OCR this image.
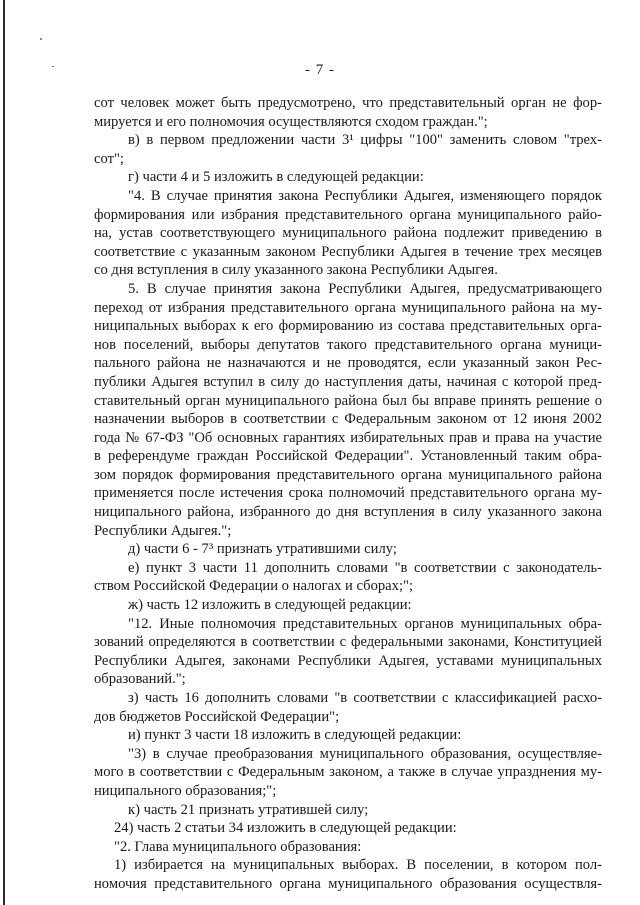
- 7 -
сот человек может быть предусмотрено, что представительный орган не фор-
мируется и его полномочия осуществляются сходом граждан.";
в) в первом предложении части 3¹ цифры "100" заменить словом "трех-
сот";
г) части 4 и 5 изложить в следующей редакции:
"4. В случае принятия закона Республики Адыгея, изменяющего порядок
формирования или избрания представительного органа муниципального райо-
на, устав соответствующего муниципального района подлежит приведению в
соответствие с указанным законом Республики Адыгея в течение трех месяцев
со дня вступления в силу указанного закона Республики Адыгея.
5. В случае принятия закона Республики Адыгея, предусматривающего
переход от избрания представительного органа муниципального района на му-
ниципальных выборах к его формированию из состава представительных орга-
нов поселений, выборы депутатов такого представительного органа муници-
пального района не назначаются и не проводятся, если указанный закон Рес-
публики Адыгея вступил в силу до наступления даты, начиная с которой пред-
ставительный орган муниципального района был бы вправе принять решение о
назначении выборов в соответствии с Федеральным законом от 12 июня 2002
года № 67-ФЗ "Об основных гарантиях избирательных прав и права на участие
в референдуме граждан Российской Федерации". Установленный таким обра-
зом порядок формирования представительного органа муниципального района
применяется после истечения срока полномочий представительного органа му-
ниципального района, избранного до дня вступления в силу указанного закона
Республики Адыгея.";
д) части 6 - 7³ признать утратившими силу;
е) пункт 3 части 11 дополнить словами "в соответствии с законодатель-
ством Российской Федерации о налогах и сборах;";
ж) часть 12 изложить в следующей редакции:
"12. Иные полномочия представительных органов муниципальных обра-
зований определяются в соответствии с федеральными законами, Конституцией
Республики Адыгея, законами Республики Адыгея, уставами муниципальных
образований.";
з) часть 16 дополнить словами "в соответствии с классификацией расхо-
дов бюджетов Российской Федерации";
и) пункт 3 части 18 изложить в следующей редакции:
"3) в случае преобразования муниципального образования, осуществляе-
мого в соответствии с Федеральным законом, а также в случае упразднения му-
ниципального образования;";
к) часть 21 признать утратившей силу;
24) часть 2 статьи 34 изложить в следующей редакции:
"2. Глава муниципального образования:
1) избирается на муниципальных выборах. В поселении, в котором пол-
номочия представительного органа муниципального образования осуществля-
